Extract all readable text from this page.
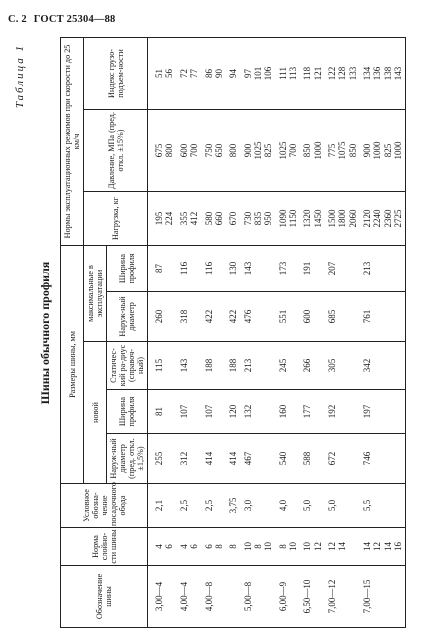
С. 2 ГОСТ 25304—88
Таблица 1
Шины обычного профиля
Обозначение шины	Норма слойно-сти шины	Условное обозна-чение посадочного обода	Размеры шины, мм					Нормы эксплуатационных режимов при скорости до 25 км/ч		
			новой			максимальные в эксплуатации		Нагрузка, кг	Давление, МПа (пред. откл. ±15%)	Индекс грузо-подъем-ности
			Наруж-ный диаметр (пред. откл. ±1,5%)	Ширина профиля	Статичес-кий ра-диус (справоч-ный)	Наруж-ный диаметр	Ширина профиля			
3,00—4	4 6	2,1	255	81	115	260	87	195 224	675 800	51 56

4,00—4	4 6	2,5	312	107	143	318	116	355 412	600 700	72 77

4,00—8	6 8	2,5	414	107	188	422	116	580 660	750 650	86 90

	8	3,75	414	120	188	422	130	670	800	94

5,00—8	10 8 10	3,0	467	132	213	476	143	730 835 950	900 1025 825	97 101 106

6,00—9	8 10	4,0	540	160	245	551	173	1090 1150	1025 700	111 113

6,50—10	10 12	5,0	588	177	266	600	191	1320 1450	850 1000	118 121

7,00—12	12 14	5,0	672	192	305	685	207	1500 1800 2060	775 1075 850	122 128 133

7,00—15	14 12 14 16	5,5	746	197	342	761	213	2120 2240 2360 2725	900 1000 825 1000	134 136 138 143
